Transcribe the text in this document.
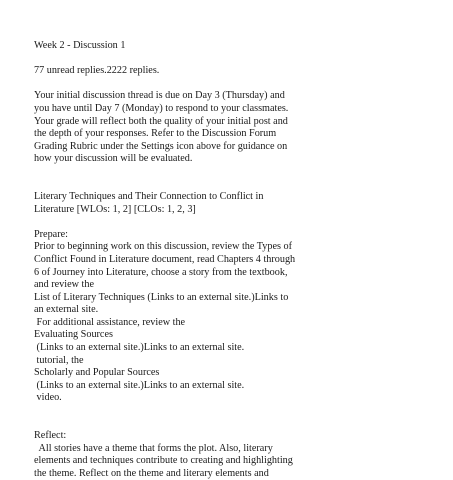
Week 2 - Discussion 1
77 unread replies.2222 replies.
Your initial discussion thread is due on Day 3 (Thursday) and
you have until Day 7 (Monday) to respond to your classmates.
Your grade will reflect both the quality of your initial post and
the depth of your responses. Refer to the Discussion Forum
Grading Rubric under the Settings icon above for guidance on
how your discussion will be evaluated.
Literary Techniques and Their Connection to Conflict in
Literature [WLOs: 1, 2] [CLOs: 1, 2, 3]
Prepare:
Prior to beginning work on this discussion, review the Types of
Conflict Found in Literature document, read Chapters 4 through
6 of Journey into Literature, choose a story from the textbook,
and review the
List of Literary Techniques (Links to an external site.)Links to
an external site.
For additional assistance, review the
Evaluating Sources
(Links to an external site.)Links to an external site.
tutorial, the
Scholarly and Popular Sources
(Links to an external site.)Links to an external site.
video.
Reflect:
All stories have a theme that forms the plot. Also, literary
elements and techniques contribute to creating and highlighting
the theme. Reflect on the theme and literary elements and
